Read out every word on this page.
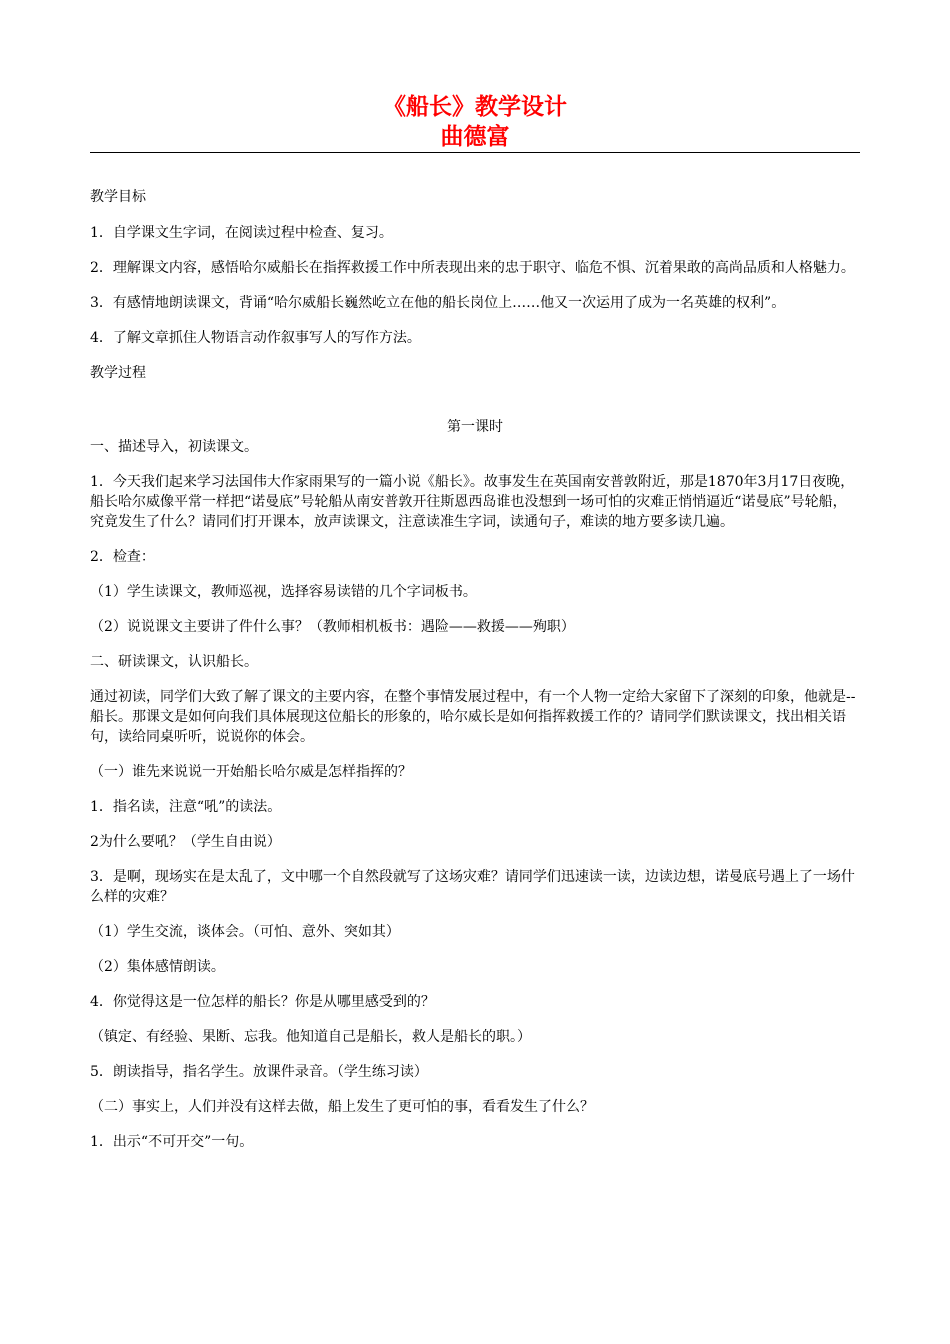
《船长》教学设计
曲德富

教学目标

1．自学课文生字词，在阅读过程中检查、复习。

2．理解课文内容，感悟哈尔威船长在指挥救援工作中所表现出来的忠于职守、临危不惧、沉着果敢的高尚品质和人格魅力。

3．有感情地朗读课文，背诵“哈尔威船长巍然屹立在他的船长岗位上……他又一次运用了成为一名英雄的权利”。

4．了解文章抓住人物语言动作叙事写人的写作方法。

教学过程

第一课时

一、描述导入，初读课文。

1．今天我们起来学习法国伟大作家雨果写的一篇小说《船长》。故事发生在英国南安普敦附近，那是1870年3月17日夜晚，船长哈尔威像平常一样把“诺曼底”号轮船从南安普敦开往斯恩西岛谁也没想到一场可怕的灾难正悄悄逼近“诺曼底”号轮船，究竟发生了什么？请同们打开课本，放声读课文，注意读准生字词，读通句子，难读的地方要多读几遍。

2．检查：

（1）学生读课文，教师巡视，选择容易读错的几个字词板书。

（2）说说课文主要讲了件什么事？（教师相机板书：遇险——救援——殉职）

二、研读课文，认识船长。

通过初读，同学们大致了解了课文的主要内容，在整个事情发展过程中，有一个人物一定给大家留下了深刻的印象，他就是--船长。那课文是如何向我们具体展现这位船长的形象的，哈尔威长是如何指挥救援工作的？请同学们默读课文，找出相关语句，读给同桌听听，说说你的体会。

（一）谁先来说说一开始船长哈尔威是怎样指挥的？

1．指名读，注意“吼”的读法。

2为什么要吼？（学生自由说）

3．是啊，现场实在是太乱了，文中哪一个自然段就写了这场灾难？请同学们迅速读一读，边读边想，诺曼底号遇上了一场什么样的灾难？

（1）学生交流，谈体会。（可怕、意外、突如其）

（2）集体感情朗读。

4．你觉得这是一位怎样的船长？你是从哪里感受到的？

（镇定、有经验、果断、忘我。他知道自己是船长，救人是船长的职。）

5．朗读指导，指名学生。放课件录音。（学生练习读）

（二）事实上，人们并没有这样去做，船上发生了更可怕的事，看看发生了什么？

1．出示“不可开交”一句。
